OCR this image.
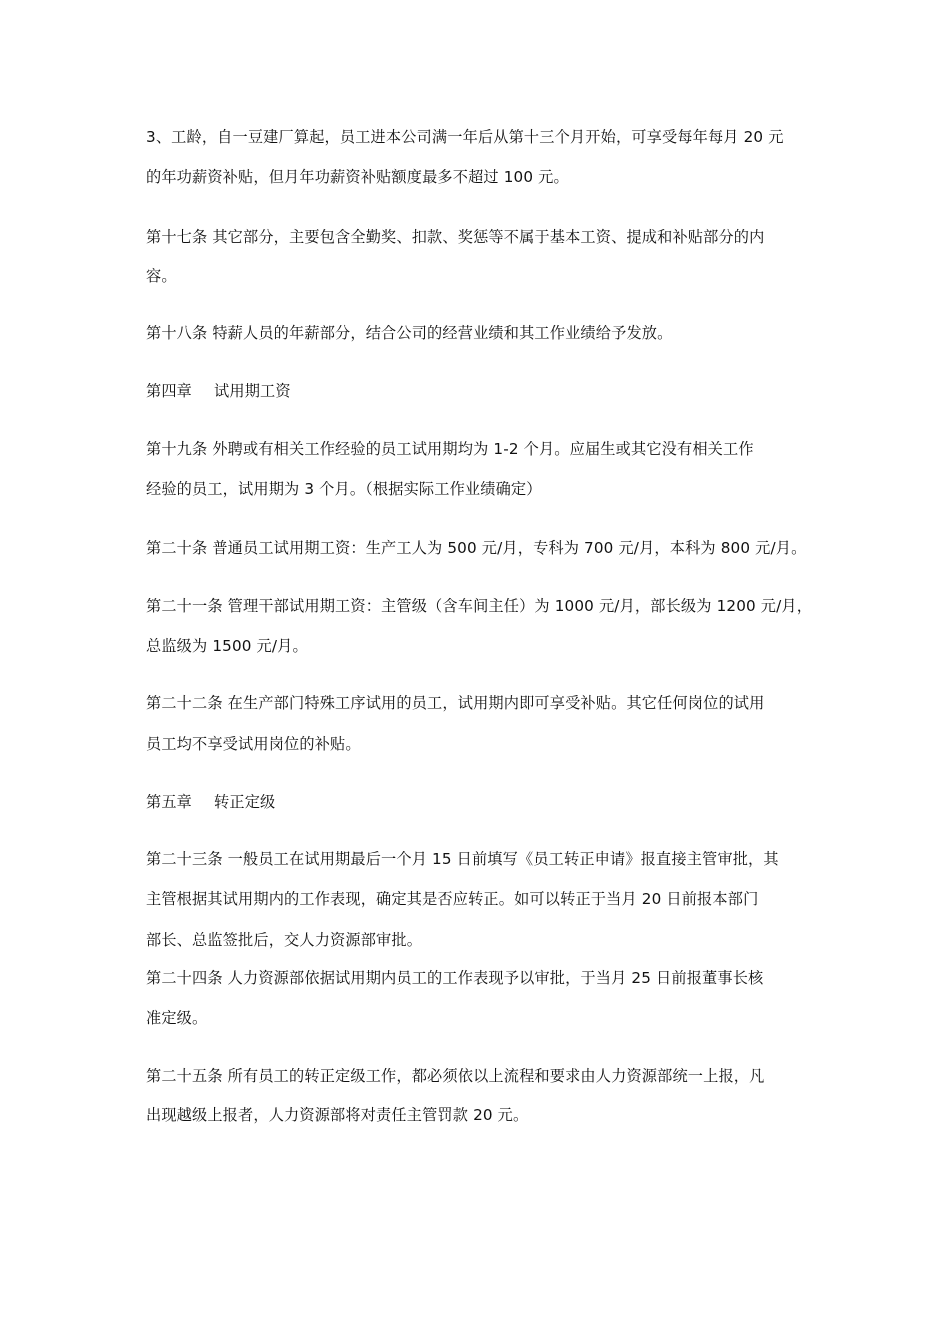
3、工龄，自一豆建厂算起，员工进本公司满一年后从第十三个月开始，可享受每年每月 20 元
的年功薪资补贴，但月年功薪资补贴额度最多不超过 100 元。
第十七条 其它部分，主要包含全勤奖、扣款、奖惩等不属于基本工资、提成和补贴部分的内
容。
第十八条 特薪人员的年薪部分，结合公司的经营业绩和其工作业绩给予发放。
第四章 试用期工资
第十九条 外聘或有相关工作经验的员工试用期均为 1-2 个月。应届生或其它没有相关工作
经验的员工，试用期为 3 个月。（根据实际工作业绩确定）
第二十条 普通员工试用期工资：生产工人为 500 元/月，专科为 700 元/月，本科为 800 元/月。
第二十一条 管理干部试用期工资：主管级（含车间主任）为 1000 元/月，部长级为 1200 元/月，
总监级为 1500 元/月。
第二十二条 在生产部门特殊工序试用的员工，试用期内即可享受补贴。其它任何岗位的试用
员工均不享受试用岗位的补贴。
第五章 转正定级
第二十三条 一般员工在试用期最后一个月 15 日前填写《员工转正申请》报直接主管审批，其
主管根据其试用期内的工作表现，确定其是否应转正。如可以转正于当月 20 日前报本部门
部长、总监签批后，交人力资源部审批。
第二十四条 人力资源部依据试用期内员工的工作表现予以审批，于当月 25 日前报董事长核
准定级。
第二十五条 所有员工的转正定级工作，都必须依以上流程和要求由人力资源部统一上报，凡
出现越级上报者，人力资源部将对责任主管罚款 20 元。
